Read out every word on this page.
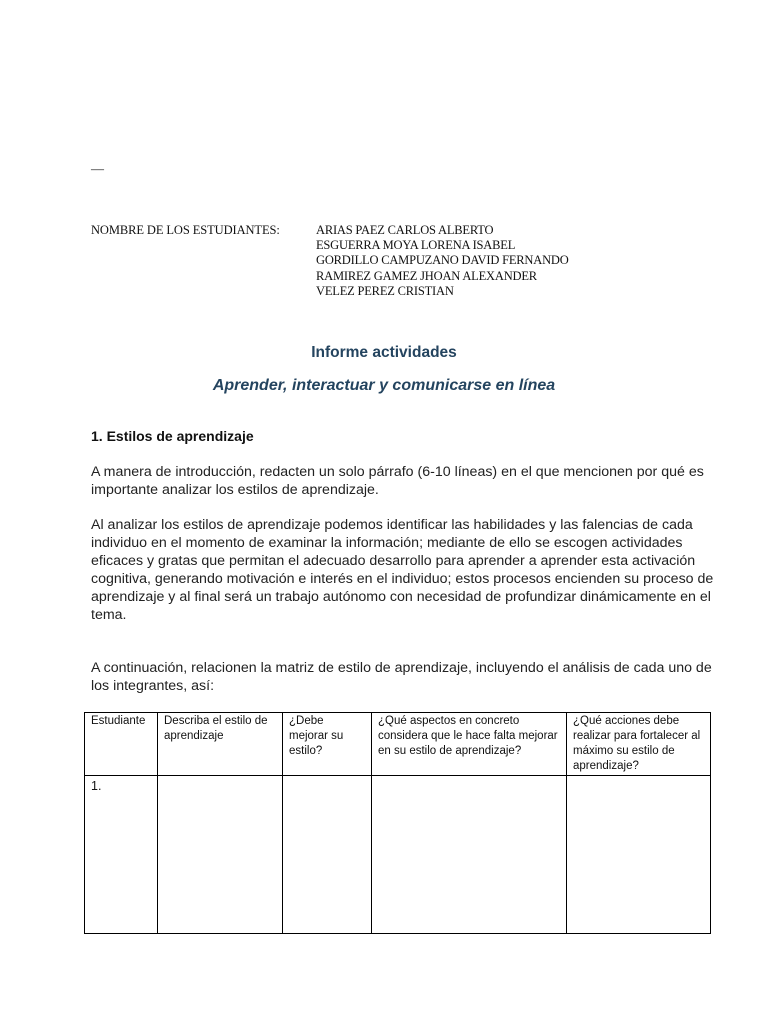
—
NOMBRE DE LOS ESTUDIANTES:	ARIAS PAEZ CARLOS ALBERTO
ESGUERRA MOYA LORENA ISABEL
GORDILLO CAMPUZANO DAVID FERNANDO
RAMIREZ GAMEZ JHOAN ALEXANDER
VELEZ PEREZ CRISTIAN
Informe actividades
Aprender, interactuar y comunicarse en línea
1. Estilos de aprendizaje

A manera de introducción, redacten un solo párrafo (6-10 líneas) en el que mencionen por qué es importante analizar los estilos de aprendizaje.

Al analizar los estilos de aprendizaje podemos identificar las habilidades y las falencias de cada individuo en el momento de examinar la información; mediante de ello se escogen actividades eficaces y gratas que permitan el adecuado desarrollo para aprender a aprender esta activación cognitiva, generando motivación e interés en el individuo; estos procesos encienden su proceso de aprendizaje y al final será un trabajo autónomo con necesidad de profundizar dinámicamente en el tema.

A continuación, relacionen la matriz de estilo de aprendizaje, incluyendo el análisis de cada uno de los integrantes, así:

Estudiante	Describa el estilo de aprendizaje	¿Debe mejorar su estilo?	¿Qué aspectos en concreto considera que le hace falta mejorar en su estilo de aprendizaje?	¿Qué acciones debe realizar para fortalecer al máximo su estilo de aprendizaje?
1.				
